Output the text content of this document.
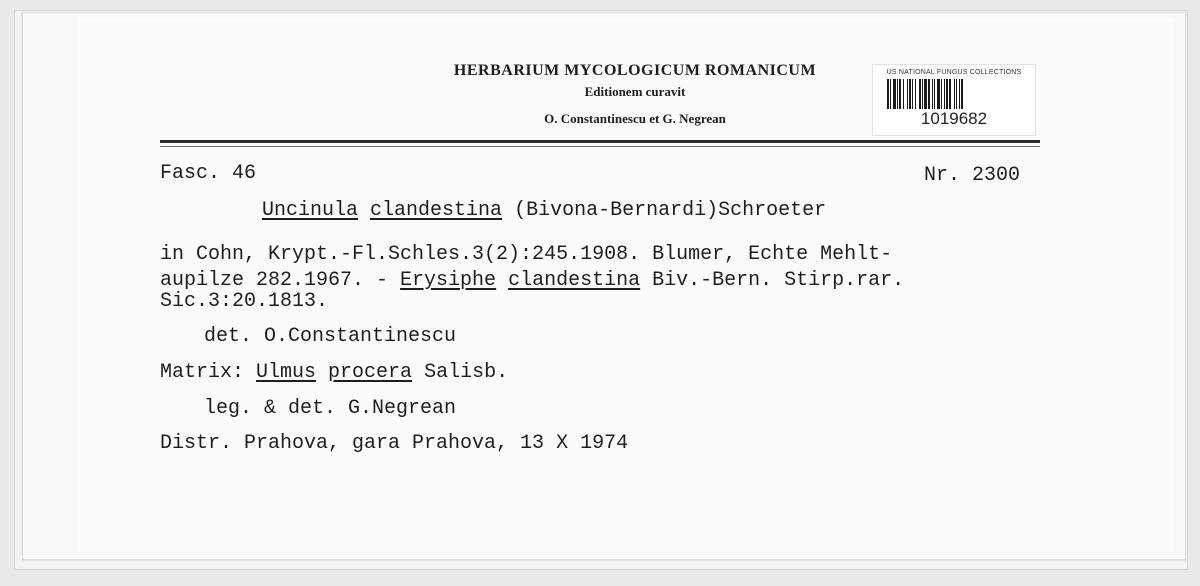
HERBARIUM MYCOLOGICUM ROMANICUM
Editionem curavit
O. Constantinescu et G. Negrean
US NATIONAL FUNGUS COLLECTIONS
1019682
Fasc. 46	Nr. 2300
Uncinula clandestina (Bivona-Bernardi)Schroeter
in Cohn, Krypt.-Fl.Schles.3(2):245.1908. Blumer, Echte Mehlt-
aupilze 282.1967. - Erysiphe clandestina Biv.-Bern. Stirp.rar.
Sic.3:20.1813.
det. O.Constantinescu
Matrix: Ulmus procera Salisb.
leg. & det. G.Negrean
Distr. Prahova, gara Prahova, 13 X 1974
